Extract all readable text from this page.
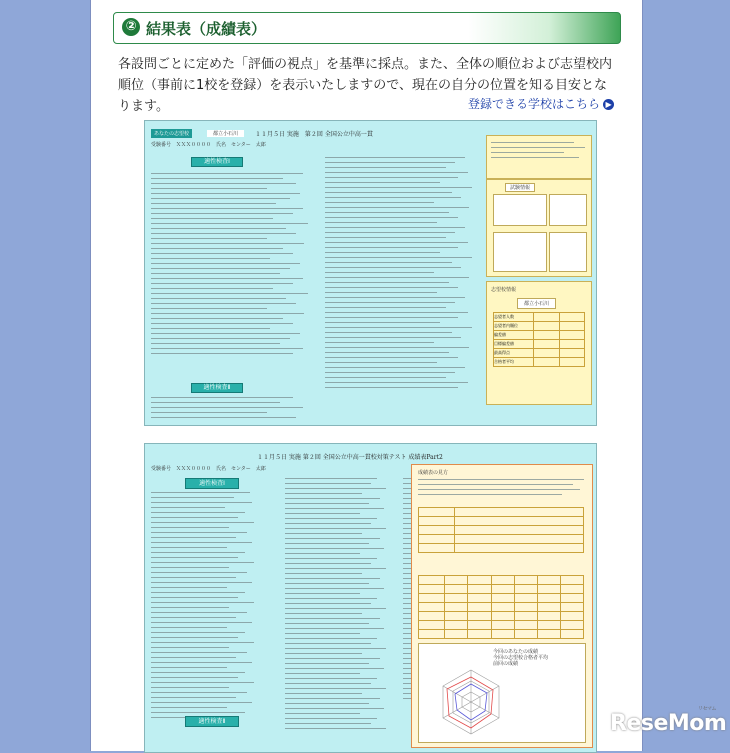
② 結果表（成績表）
各設問ごとに定めた「評価の視点」を基準に採点。また、全体の順位および志望校内順位（事前に1校を登録）を表示いたしますので、現在の自分の位置を知る目安となります。	登録できる学校はこちら ▶
あなたの志望校	都立小石川	１１月５日 実施　第２回 全国公立中高一貫
受験番号　ＸＸＸ００００　氏名　センター　太郎
適性検査Ⅰ
適性検査Ⅱ
試験情報
志望校情報
都立小石川
志望者人数		
志望者内順位		
偏差値		
目標偏差値		
最高得点		
合格者平均		
１１月５日 実施 第２回 全国公立中高一貫校対策テスト 成績表Part2
受験番号　ＸＸＸ００００　氏名　センター　太郎
適性検査Ⅰ
適性検査Ⅱ
成績表の見方

今回のあなたの成績
今回の志望校合格者平均
前回の成績
ReseMom
リセマム
